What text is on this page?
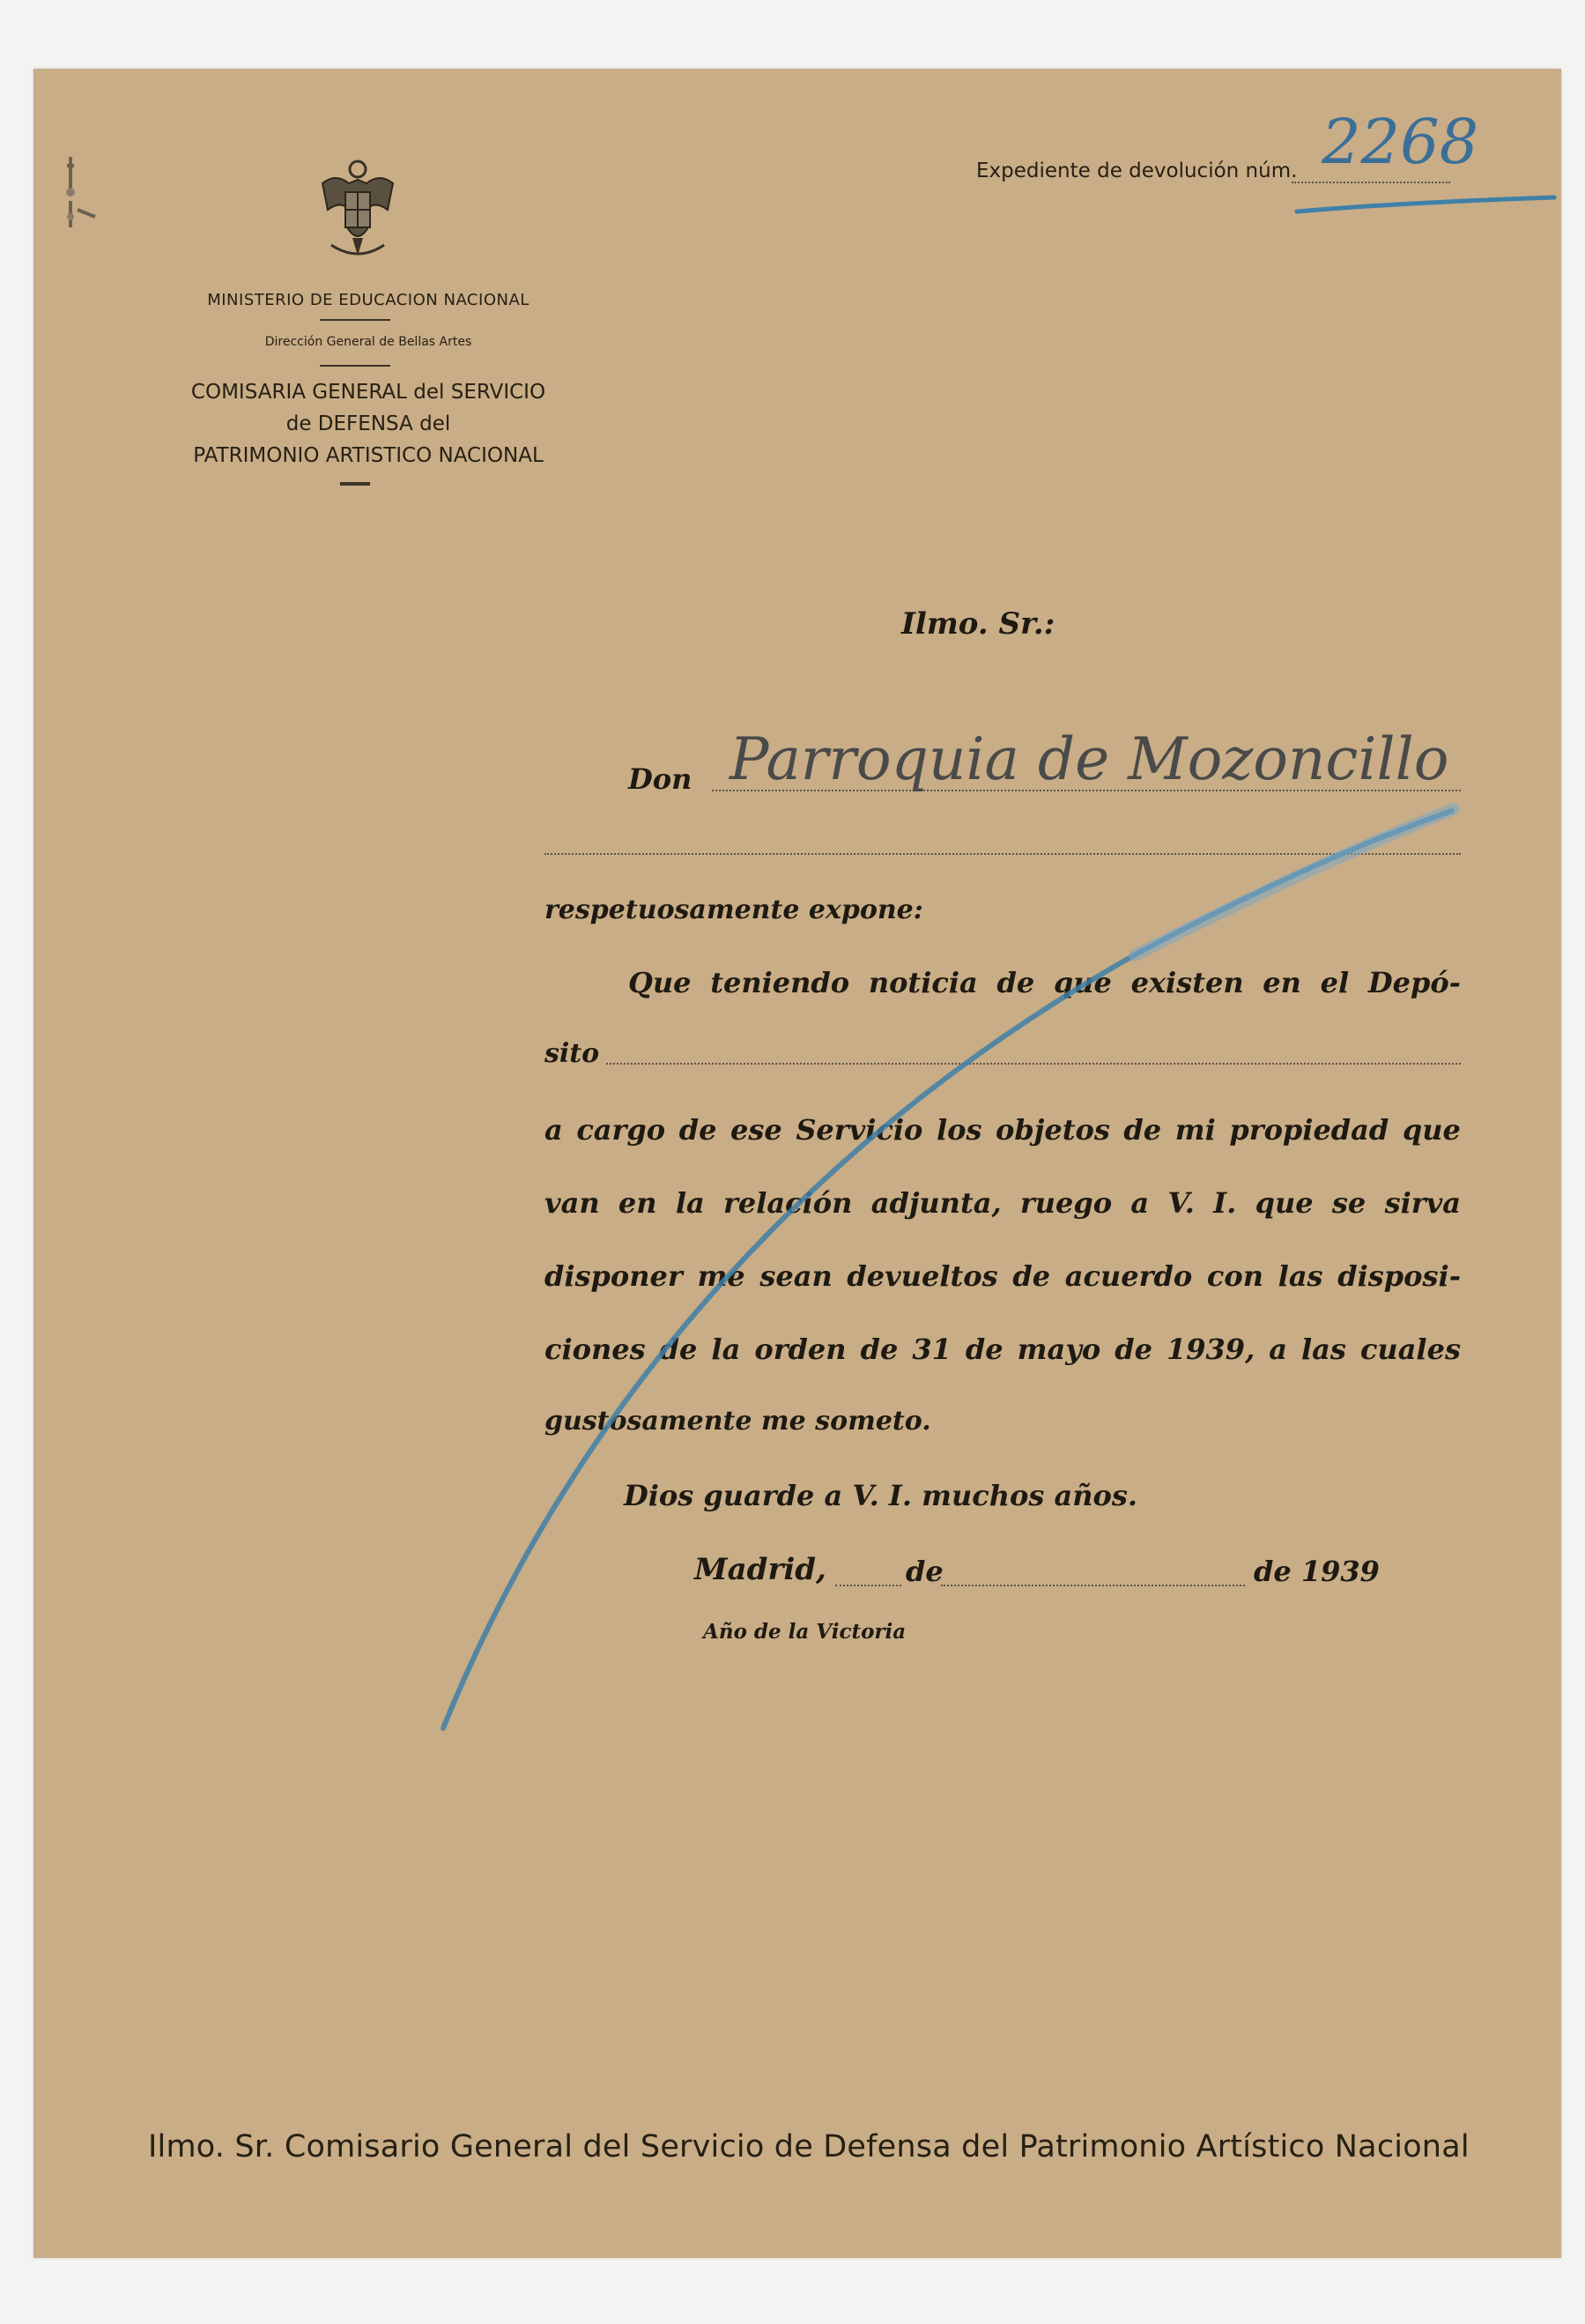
MINISTERIO DE EDUCACION NACIONAL
Dirección General de Bellas Artes
COMISARIA GENERAL del SERVICIO
de DEFENSA del
PATRIMONIO ARTISTICO NACIONAL
Expediente de devolución núm. 2268
Ilmo. Sr.:
Don Parroquia de Mozoncillo
respetuosamente expone:
Que teniendo noticia de que existen en el Depó-
sito
a cargo de ese Servicio los objetos de mi propiedad que
van en la relación adjunta, ruego a V. I. que se sirva
disponer me sean devueltos de acuerdo con las disposi-
ciones de la orden de 31 de mayo de 1939, a las cuales
gustosamente me someto.
Dios guarde a V. I. muchos años.
Madrid,	de	de 1939
Año de la Victoria
Ilmo. Sr. Comisario General del Servicio de Defensa del Patrimonio Artístico Nacional
